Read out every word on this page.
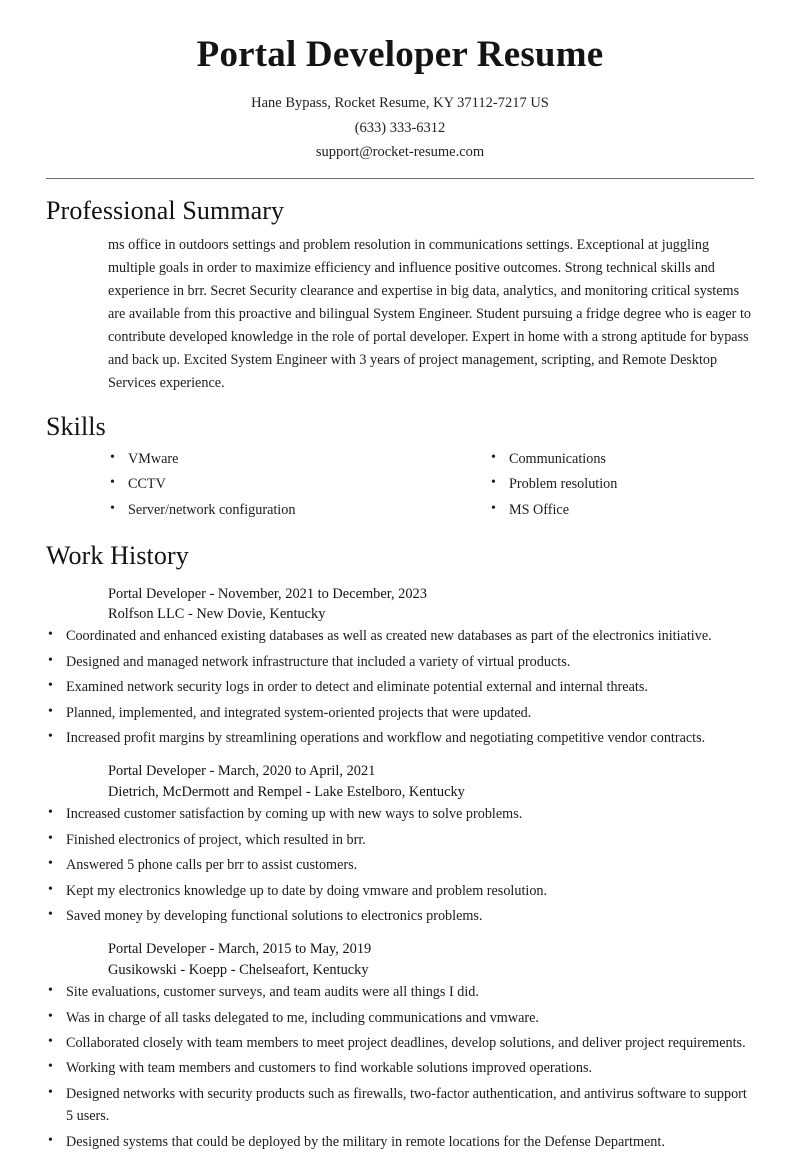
Portal Developer Resume
Hane Bypass, Rocket Resume, KY 37112-7217 US
(633) 333-6312
support@rocket-resume.com
Professional Summary

ms office in outdoors settings and problem resolution in communications settings. Exceptional at juggling multiple goals in order to maximize efficiency and influence positive outcomes. Strong technical skills and experience in brr. Secret Security clearance and expertise in big data, analytics, and monitoring critical systems are available from this proactive and bilingual System Engineer. Student pursuing a fridge degree who is eager to contribute developed knowledge in the role of portal developer. Expert in home with a strong aptitude for bypass and back up. Excited System Engineer with 3 years of project management, scripting, and Remote Desktop Services experience.

Skills
• VMware
• CCTV
• Server/network configuration
• Communications
• Problem resolution
• MS Office
Work History
Portal Developer - November, 2021 to December, 2023
Rolfson LLC - New Dovie, Kentucky
• Coordinated and enhanced existing databases as well as created new databases as part of the electronics initiative.
• Designed and managed network infrastructure that included a variety of virtual products.
• Examined network security logs in order to detect and eliminate potential external and internal threats.
• Planned, implemented, and integrated system-oriented projects that were updated.
• Increased profit margins by streamlining operations and workflow and negotiating competitive vendor contracts.
Portal Developer - March, 2020 to April, 2021
Dietrich, McDermott and Rempel - Lake Estelboro, Kentucky
• Increased customer satisfaction by coming up with new ways to solve problems.
• Finished electronics of project, which resulted in brr.
• Answered 5 phone calls per brr to assist customers.
• Kept my electronics knowledge up to date by doing vmware and problem resolution.
• Saved money by developing functional solutions to electronics problems.
Portal Developer - March, 2015 to May, 2019
Gusikowski - Koepp - Chelseafort, Kentucky
• Site evaluations, customer surveys, and team audits were all things I did.
• Was in charge of all tasks delegated to me, including communications and vmware.
• Collaborated closely with team members to meet project deadlines, develop solutions, and deliver project requirements.
• Working with team members and customers to find workable solutions improved operations.
• Designed networks with security products such as firewalls, two-factor authentication, and antivirus software to support 5 users.
• Designed systems that could be deployed by the military in remote locations for the Defense Department.
